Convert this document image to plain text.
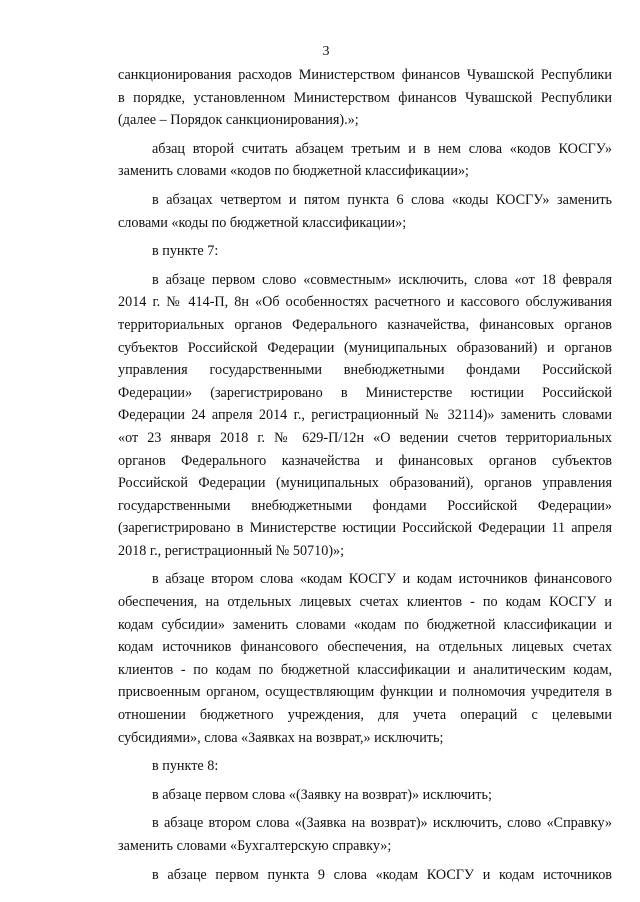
3
санкционирования расходов Министерством финансов Чувашской Республики
в порядке, установленном Министерством финансов Чувашской Республики
(далее – Порядок санкционирования).»;
абзац второй считать абзацем третьим и в нем слова «кодов КОСГУ»
заменить словами «кодов по бюджетной классификации»;
в абзацах четвертом и пятом пункта 6 слова «коды КОСГУ» заменить
словами «коды по бюджетной классификации»;
в пункте 7:
в абзаце первом слово «совместным» исключить, слова «от 18 февраля
2014 г. № 414-П, 8н «Об особенностях расчетного и кассового обслуживания
территориальных органов Федерального казначейства, финансовых органов
субъектов Российской Федерации (муниципальных образований) и органов
управления государственными внебюджетными фондами Российской
Федерации» (зарегистрировано в Министерстве юстиции Российской
Федерации 24 апреля 2014 г., регистрационный № 32114)» заменить словами
«от 23 января 2018 г. № 629-П/12н «О ведении счетов территориальных
органов Федерального казначейства и финансовых органов субъектов
Российской Федерации (муниципальных образований), органов управления
государственными внебюджетными фондами Российской Федерации»
(зарегистрировано в Министерстве юстиции Российской Федерации 11 апреля
2018 г., регистрационный № 50710)»;
в абзаце втором слова «кодам КОСГУ и кодам источников финансового
обеспечения, на отдельных лицевых счетах клиентов - по кодам КОСГУ и
кодам субсидии» заменить словами «кодам по бюджетной классификации и
кодам источников финансового обеспечения, на отдельных лицевых счетах
клиентов - по кодам по бюджетной классификации и аналитическим кодам,
присвоенным органом, осуществляющим функции и полномочия учредителя в
отношении бюджетного учреждения, для учета операций с целевыми
субсидиями», слова «Заявках на возврат,» исключить;
в пункте 8:
в абзаце первом слова «(Заявку на возврат)» исключить;
в абзаце втором слова «(Заявка на возврат)» исключить, слово «Справку»
заменить словами «Бухгалтерскую справку»;
в абзаце первом пункта 9 слова «кодам КОСГУ и кодам источников
